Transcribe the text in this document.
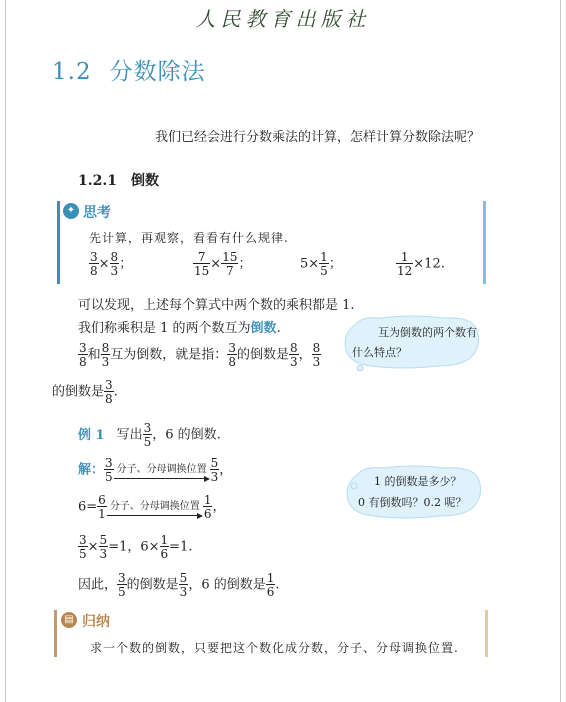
人民教育出版社
1.2 分数除法
我们已经会进行分数乘法的计算，怎样计算分数除法呢？
1.2.1 倒数
✦ 思考
先计算，再观察，看看有什么规律.
$\frac{3}{8} \times \frac{8}{3}$ ；	$\frac{7}{15} \times \frac{15}{7}$ ；	$5\times \frac{1}{5}$ ；	$\frac{1}{12} \times 12$.
可以发现，上述每个算式中两个数的乘积都是 1.
我们称乘积是 1 的两个数互为倒数.
$\frac{3}{8}$ 和 $\frac{8}{3}$ 互为倒数，就是指： $\frac{3}{8}$ 的倒数是 $\frac{8}{3}$ ， $\frac{8}{3}$
的倒数是 $\frac{3}{8}$ .
互为倒数的两个数有
什么特点？
例 1 写出 $\frac{3}{5}$ ，6 的倒数.
解： $\frac{3}{5}$ 分子、分母调换位置 $\frac{5}{3}$ ，
$6= \frac{6}{1}$ 分子、分母调换位置 $\frac{1}{6}$ ，
$\frac{3}{5} \times \frac{5}{3} =1$，$6\times \frac{1}{6} =1$.
因此， $\frac{3}{5}$ 的倒数是 $\frac{5}{3}$ ，6 的倒数是 $\frac{1}{6}$ .
1 的倒数是多少？
0 有倒数吗？0.2 呢？
▤ 归纳
求一个数的倒数，只要把这个数化成分数，分子、分母调换位置.
